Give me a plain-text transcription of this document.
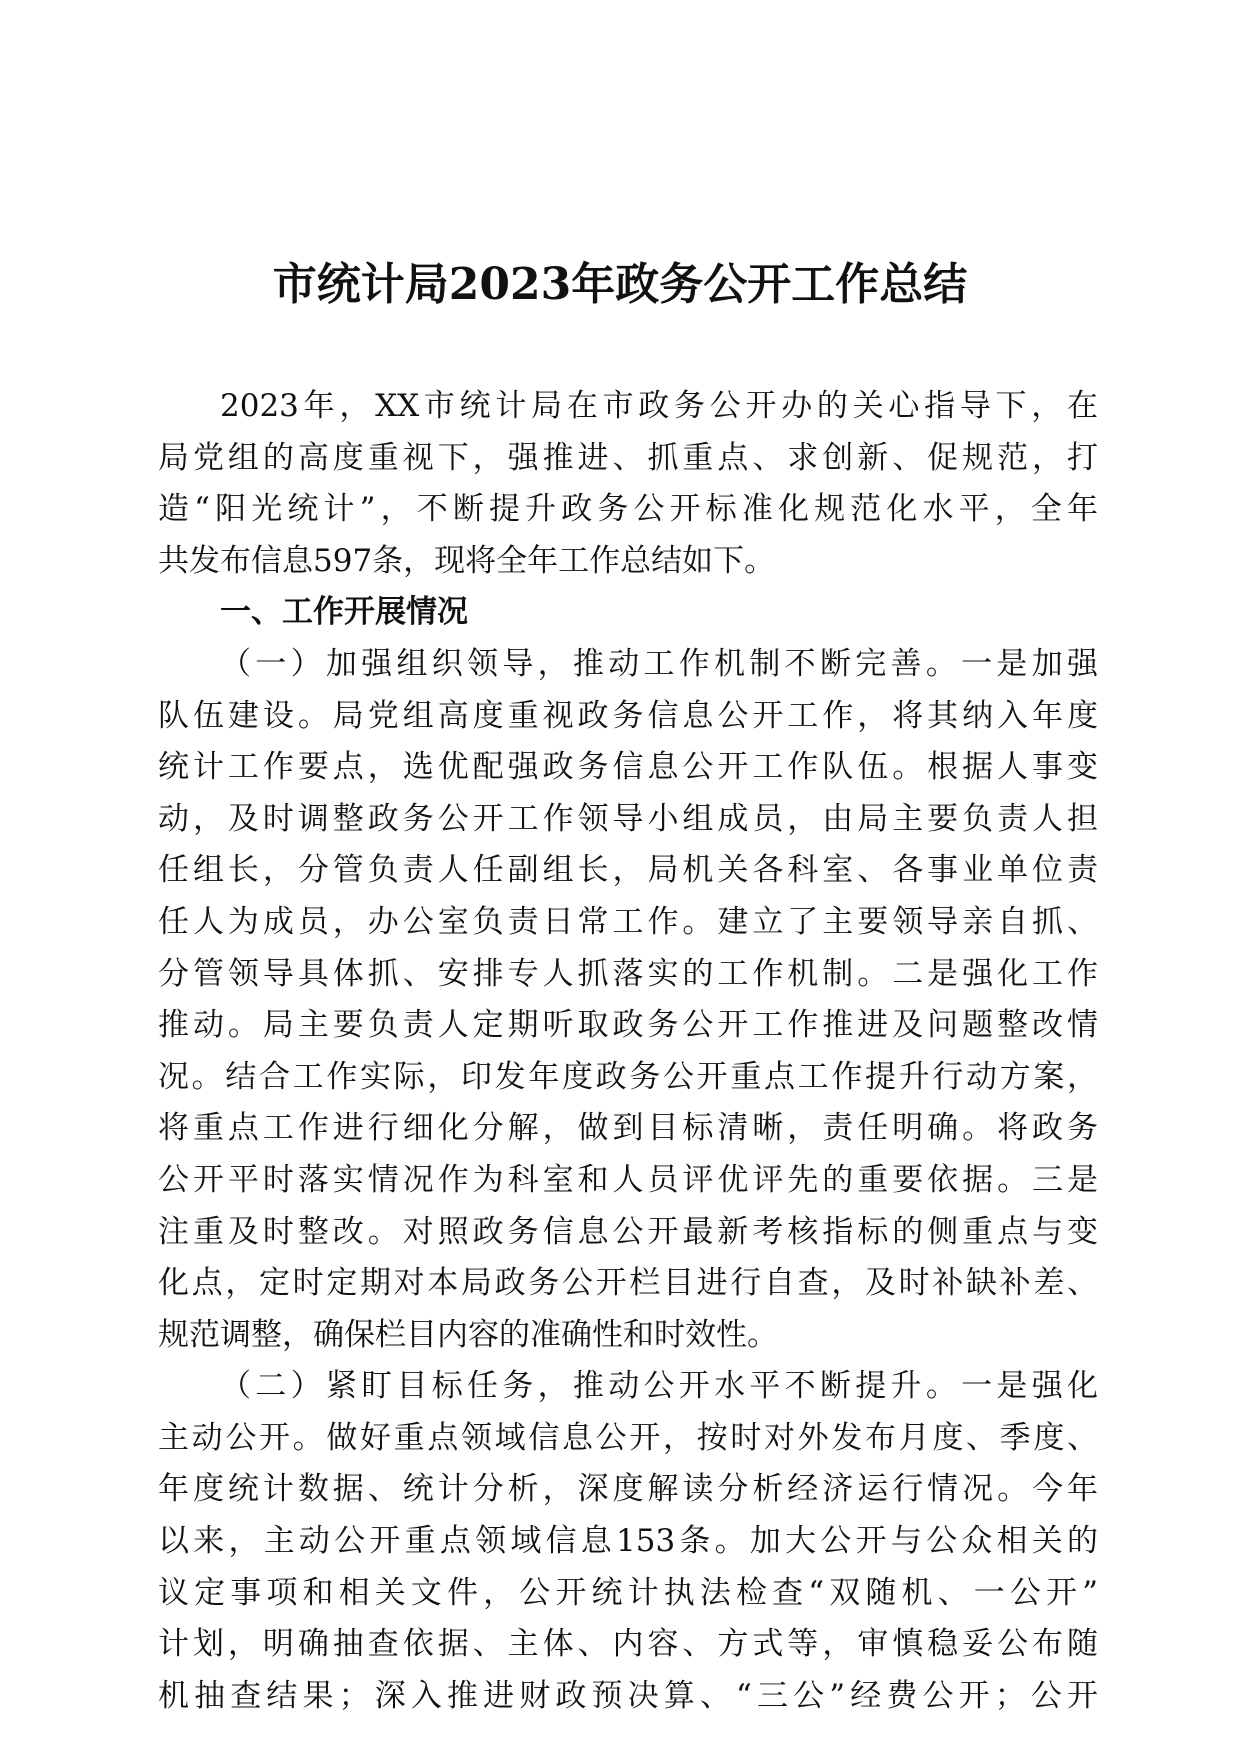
市统计局2023年政务公开工作总结
2023年，XX市统计局在市政务公开办的关心指导下，在
局党组的高度重视下，强推进、抓重点、求创新、促规范，打
造“阳光统计”，不断提升政务公开标准化规范化水平，全年
共发布信息597条，现将全年工作总结如下。
一、工作开展情况
（一）加强组织领导，推动工作机制不断完善。一是加强
队伍建设。局党组高度重视政务信息公开工作，将其纳入年度
统计工作要点，选优配强政务信息公开工作队伍。根据人事变
动，及时调整政务公开工作领导小组成员，由局主要负责人担
任组长，分管负责人任副组长，局机关各科室、各事业单位责
任人为成员，办公室负责日常工作。建立了主要领导亲自抓、
分管领导具体抓、安排专人抓落实的工作机制。二是强化工作
推动。局主要负责人定期听取政务公开工作推进及问题整改情
况。结合工作实际，印发年度政务公开重点工作提升行动方案，
将重点工作进行细化分解，做到目标清晰，责任明确。将政务
公开平时落实情况作为科室和人员评优评先的重要依据。三是
注重及时整改。对照政务信息公开最新考核指标的侧重点与变
化点，定时定期对本局政务公开栏目进行自查，及时补缺补差、
规范调整，确保栏目内容的准确性和时效性。
（二）紧盯目标任务，推动公开水平不断提升。一是强化
主动公开。做好重点领域信息公开，按时对外发布月度、季度、
年度统计数据、统计分析，深度解读分析经济运行情况。今年
以来，主动公开重点领域信息153条。加大公开与公众相关的
议定事项和相关文件，公开统计执法检查“双随机、一公开”
计划，明确抽查依据、主体、内容、方式等，审慎稳妥公布随
机抽查结果；深入推进财政预决算、“三公”经费公开；公开
